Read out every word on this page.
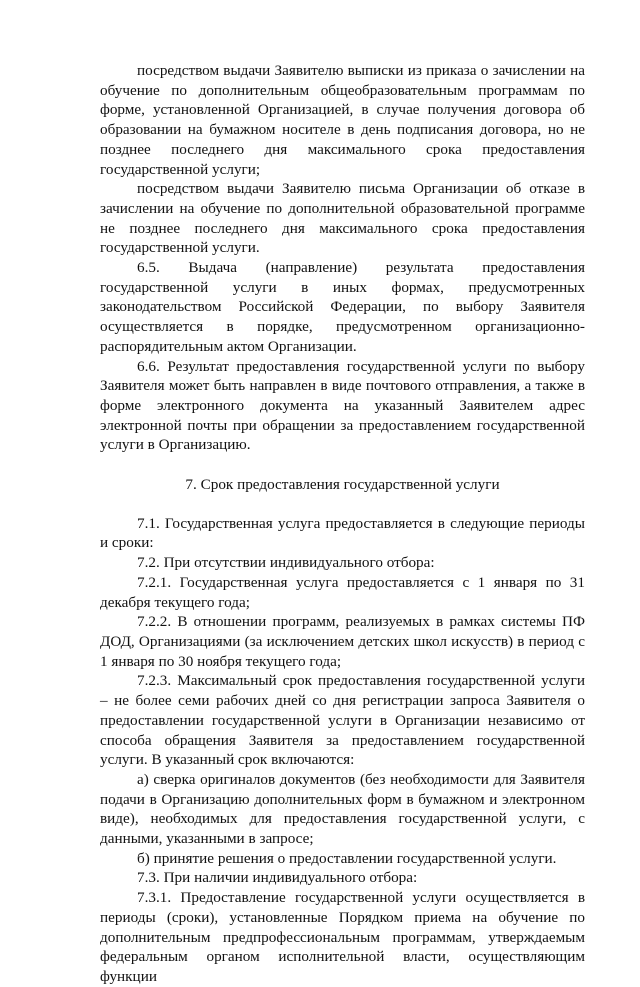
посредством выдачи Заявителю выписки из приказа о зачислении на обучение по дополнительным общеобразовательным программам по форме, установленной Организацией, в случае получения договора об образовании на бумажном носителе в день подписания договора, но не позднее последнего дня максимального срока предоставления государственной услуги;

посредством выдачи Заявителю письма Организации об отказе в зачислении на обучение по дополнительной образовательной программе не позднее последнего дня максимального срока предоставления государственной услуги.

6.5. Выдача (направление) результата предоставления государственной услуги в иных формах, предусмотренных законодательством Российской Федерации, по выбору Заявителя осуществляется в порядке, предусмотренном организационно-распорядительным актом Организации.

6.6. Результат предоставления государственной услуги по выбору Заявителя может быть направлен в виде почтового отправления, а также в форме электронного документа на указанный Заявителем адрес электронной почты при обращении за предоставлением государственной услуги в Организацию.

7. Срок предоставления государственной услуги

7.1. Государственная услуга предоставляется в следующие периоды и сроки:

7.2. При отсутствии индивидуального отбора:

7.2.1. Государственная услуга предоставляется с 1 января по 31 декабря текущего года;

7.2.2. В отношении программ, реализуемых в рамках системы ПФ ДОД, Организациями (за исключением детских школ искусств) в период с 1 января по 30 ноября текущего года;

7.2.3. Максимальный срок предоставления государственной услуги – не более семи рабочих дней со дня регистрации запроса Заявителя о предоставлении государственной услуги в Организации независимо от способа обращения Заявителя за предоставлением государственной услуги. В указанный срок включаются:

а) сверка оригиналов документов (без необходимости для Заявителя подачи в Организацию дополнительных форм в бумажном и электронном виде), необходимых для предоставления государственной услуги, с данными, указанными в запросе;

б) принятие решения о предоставлении государственной услуги.

7.3. При наличии индивидуального отбора:

7.3.1. Предоставление государственной услуги осуществляется в периоды (сроки), установленные Порядком приема на обучение по дополнительным предпрофессиональным программам, утверждаемым федеральным органом исполнительной власти, осуществляющим функции
